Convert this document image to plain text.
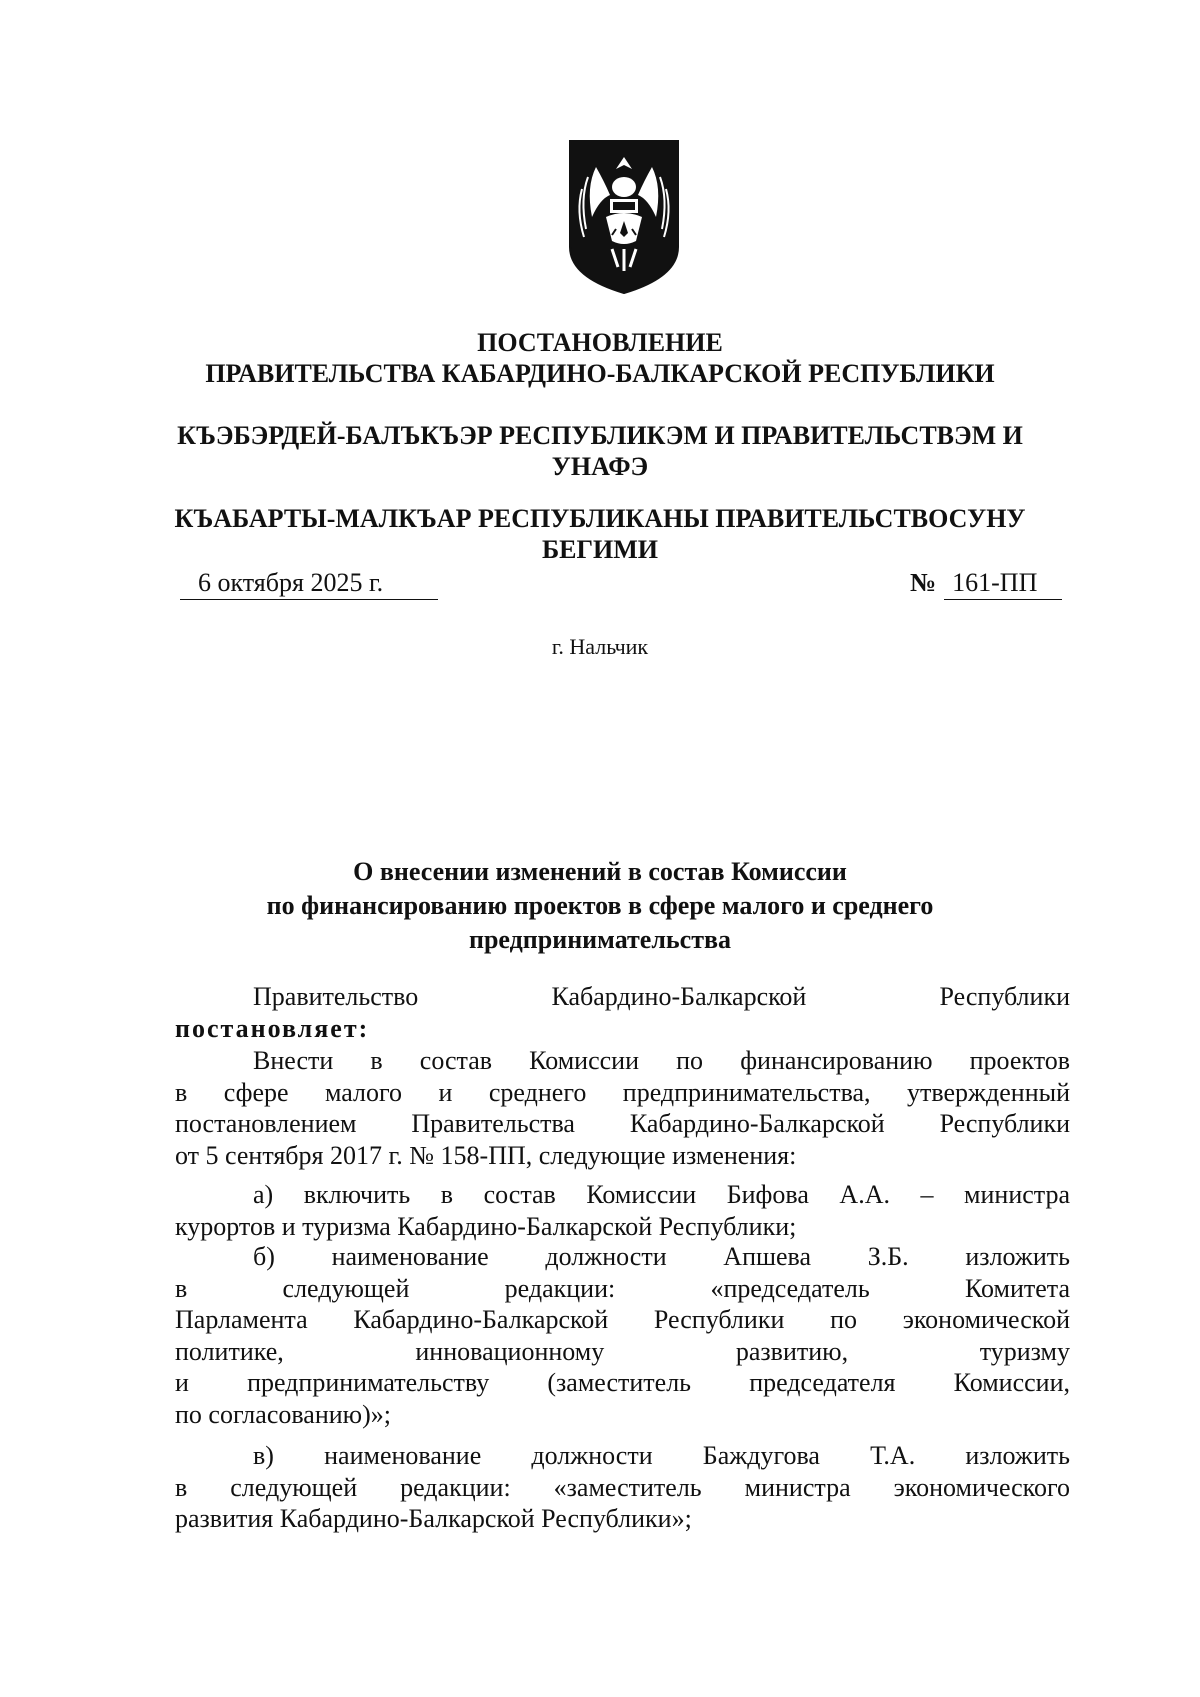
ПОСТАНОВЛЕНИЕ
ПРАВИТЕЛЬСТВА КАБАРДИНО-БАЛКАРСКОЙ РЕСПУБЛИКИ
КЪЭБЭРДЕЙ-БАЛЪКЪЭР РЕСПУБЛИКЭМ И ПРАВИТЕЛЬСТВЭМ И
УНАФЭ
КЪАБАРТЫ-МАЛКЪАР РЕСПУБЛИКАНЫ ПРАВИТЕЛЬСТВОСУНУ
БЕГИМИ
6 октября 2025 г.	№ 161-ПП
г. Нальчик
О внесении изменений в состав Комиссии
по финансированию проектов в сфере малого и среднего
предпринимательства
Правительство Кабардино-Балкарской Республики
постановляет:
Внести в состав Комиссии по финансированию проектов
в сфере малого и среднего предпринимательства, утвержденный
постановлением Правительства Кабардино-Балкарской Республики
от 5 сентября 2017 г. № 158-ПП, следующие изменения:
а) включить в состав Комиссии Бифова А.А. – министра
курортов и туризма Кабардино-Балкарской Республики;
б) наименование должности Апшева З.Б. изложить
в следующей редакции: «председатель Комитета
Парламента Кабардино-Балкарской Республики по экономической
политике, инновационному развитию, туризму
и предпринимательству (заместитель председателя Комиссии,
по согласованию)»;
в) наименование должности Баждугова Т.А. изложить
в следующей редакции: «заместитель министра экономического
развития Кабардино-Балкарской Республики»;
